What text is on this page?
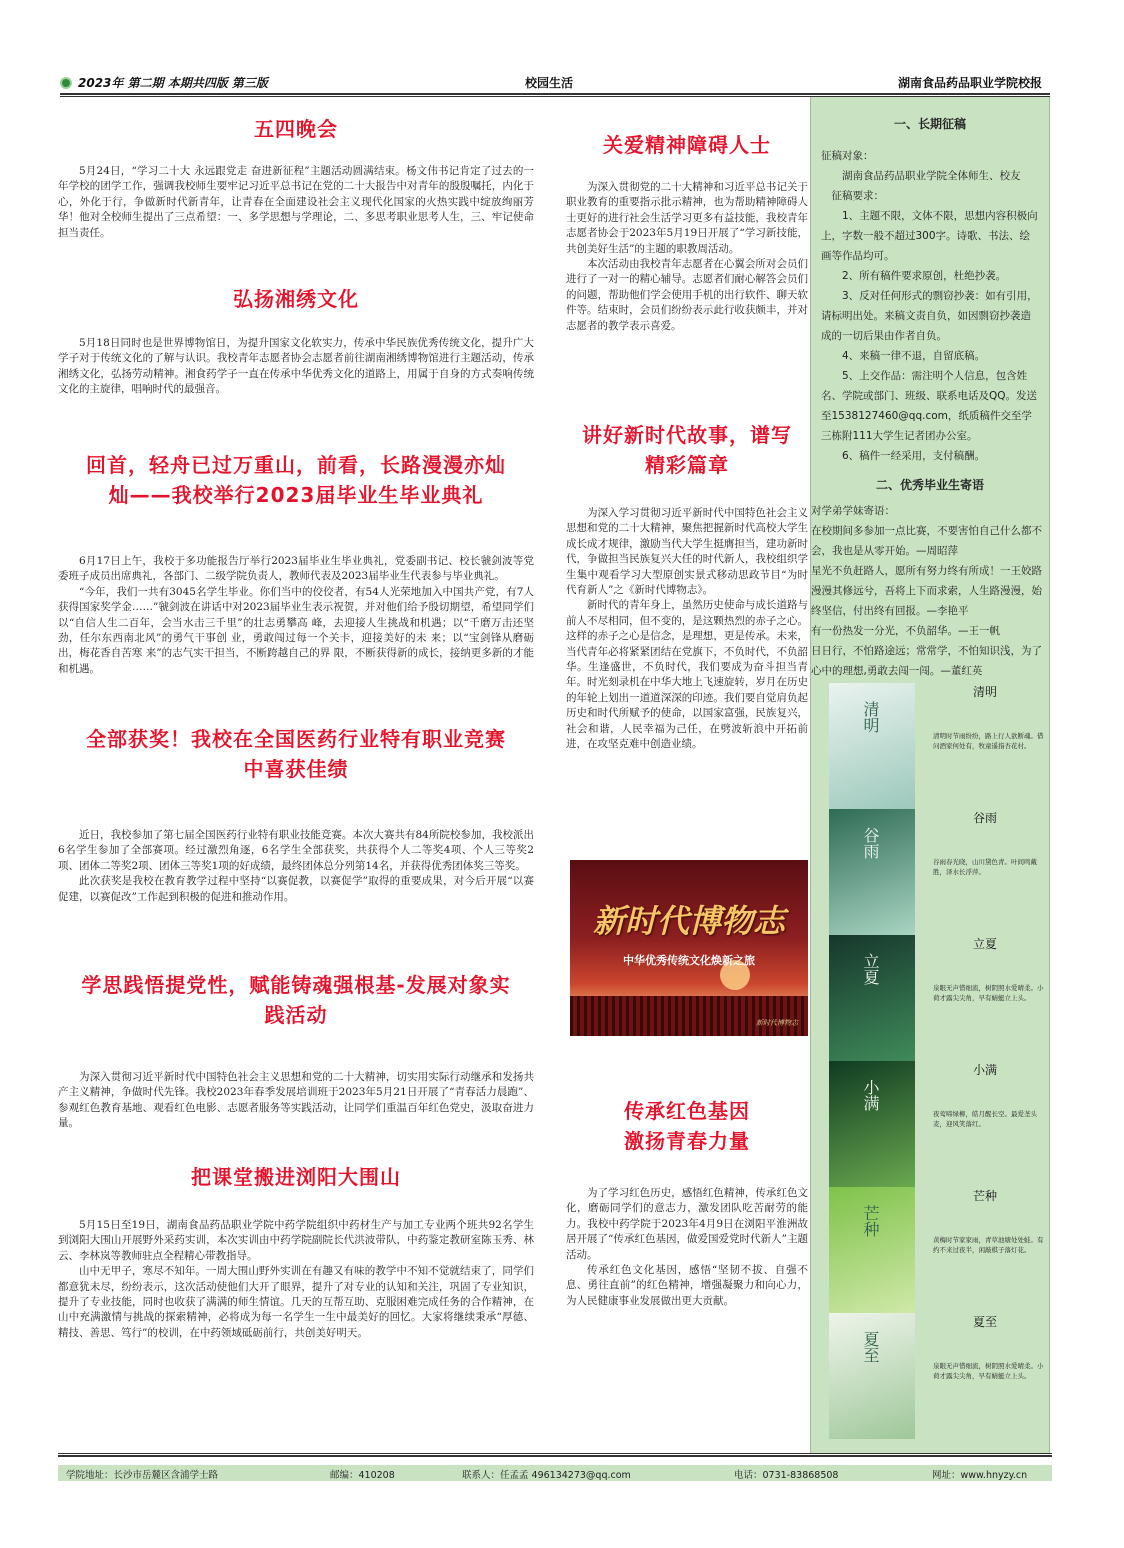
2023年 第二期 本期共四版 第三版	校园生活	湖南食品药品职业学院校报
五四晚会

5月24日，“学习二十大 永远跟党走 奋进新征程”主题活动圆满结束。杨文伟书记肯定了过去的一年学校的团学工作，强调我校师生要牢记习近平总书记在党的二十大报告中对青年的殷殷嘱托，内化于心，外化于行，争做新时代新青年，让青春在全面建设社会主义现代化国家的火热实践中绽放绚丽芳华！他对全校师生提出了三点希望：一、多学思想与学理论，二、多思考职业思考人生，三、牢记使命担当责任。

弘扬湘绣文化

5月18日同时也是世界博物馆日，为提升国家文化软实力，传承中华民族优秀传统文化，提升广大学子对于传统文化的了解与认识。我校青年志愿者协会志愿者前往湖南湘绣博物馆进行主题活动，传承湘绣文化，弘扬劳动精神。湘食药学子一直在传承中华优秀文化的道路上，用属于自身的方式奏响传统文化的主旋律，唱响时代的最强音。

回首，轻舟已过万重山，前看，长路漫漫亦灿
灿——我校举行2023届毕业生毕业典礼

6月17日上午，我校于多功能报告厅举行2023届毕业生毕业典礼，党委副书记、校长虢剑波等党委班子成员出席典礼，各部门、二级学院负责人，教师代表及2023届毕业生代表参与毕业典礼。

“今年，我们一共有3045名学生毕业。你们当中的佼佼者，有54人光荣地加入中国共产党，有7人获得国家奖学金……”虢剑波在讲话中对2023届毕业生表示祝贺，并对他们给予殷切期望，希望同学们以“自信人生二百年，会当水击三千里”的壮志勇攀高 峰，去迎接人生挑战和机遇；以“千磨万击还坚劲，任尔东西南北风”的勇气干事创 业，勇敢闯过每一个关卡，迎接美好的未 来；以“宝剑锋从磨砺出，梅花香自苦寒 来”的志气实干担当，不断跨越自己的界 限，不断获得新的成长，接纳更多新的才能和机遇。

全部获奖！我校在全国医药行业特有职业竞赛
中喜获佳绩

近日，我校参加了第七届全国医药行业特有职业技能竞赛。本次大赛共有84所院校参加，我校派出6名学生参加了全部赛项。经过激烈角逐，6名学生全部获奖，共获得个人二等奖4项、个人三等奖2项、团体二等奖2项、团体三等奖1项的好成绩，最终团体总分列第14名，并获得优秀团体奖三等奖。

此次获奖是我校在教育教学过程中坚持“以赛促教，以赛促学”取得的重要成果，对今后开展“以赛促建，以赛促改”工作起到积极的促进和推动作用。

学思践悟提党性，赋能铸魂强根基-发展对象实
践活动

为深入贯彻习近平新时代中国特色社会主义思想和党的二十大精神，切实用实际行动继承和发扬共产主义精神，争做时代先锋。我校2023年春季发展培训班于2023年5月21日开展了“青春活力晨跑”、参观红色教育基地、观看红色电影、志愿者服务等实践活动，让同学们重温百年红色党史，汲取奋进力量。

把课堂搬进浏阳大围山

5月15日至19日，湖南食品药品职业学院中药学院组织中药材生产与加工专业两个班共92名学生到浏阳大围山开展野外采药实训，本次实训由中药学院副院长代洪波带队，中药鉴定教研室陈玉秀、林云、李林岚等教师驻点全程精心带教指导。

山中无甲子，寒尽不知年。一周大围山野外实训在有趣又有味的教学中不知不觉就结束了，同学们都意犹未尽，纷纷表示，这次活动使他们大开了眼界，提升了对专业的认知和关注，巩固了专业知识，提升了专业技能，同时也收获了满满的师生情谊。几天的互帮互助、克服困难完成任务的合作精神，在山中充满激情与挑战的探索精神，必将成为每一名学生一生中最美好的回忆。大家将继续秉承“厚德、精技、善思、笃行”的校训，在中药领域砥砺前行，共创美好明天。

关爱精神障碍人士

为深入贯彻党的二十大精神和习近平总书记关于职业教育的重要指示批示精神，也为帮助精神障碍人士更好的进行社会生活学习更多有益技能，我校青年志愿者协会于2023年5月19日开展了“学习新技能，共创美好生活”的主题的职教周活动。

本次活动由我校青年志愿者在心翼会所对会员们进行了一对一的精心辅导。志愿者们耐心解答会员们的问题，帮助他们学会使用手机的出行软件、聊天软件等。结束时，会员们纷纷表示此行收获颇丰，并对志愿者的教学表示喜爱。

讲好新时代故事，谱写
精彩篇章

为深入学习贯彻习近平新时代中国特色社会主义思想和党的二十大精神，聚焦把握新时代高校大学生成长成才规律，激励当代大学生挺膺担当，建功新时代，争做担当民族复兴大任的时代新人，我校组织学生集中观看学习大型原创实景式移动思政节目“为时代育新人”之《新时代博物志》。

新时代的青年身上，虽然历史使命与成长道路与前人不尽相同，但不变的，是这颗热烈的赤子之心。这样的赤子之心是信念，是理想，更是传承。未来，当代青年必将紧紧团结在党旗下，不负时代，不负韶华。生逢盛世，不负时代，我们要成为奋斗担当青年。时光刻录机在中华大地上飞速旋转，岁月在历史的年轮上划出一道道深深的印迹。我们要自觉肩负起历史和时代所赋予的使命，以国家富强，民族复兴，社会和谐，人民幸福为己任，在劈波斩浪中开拓前进，在攻坚克难中创造业绩。

新时代博物志
中华优秀传统文化焕新之旅
新时代博物志
传承红色基因
激扬青春力量

为了学习红色历史，感悟红色精神，传承红色文化，磨砺同学们的意志力，激发团队吃苦耐劳的能力。我校中药学院于2023年4月9日在浏阳平淮洲故居开展了“传承红色基因，做爱国爱党时代新人”主题活动。

传承红色文化基因，感悟“坚韧不拔、自强不息、勇往直前”的红色精神，增强凝聚力和向心力，为人民健康事业发展做出更大贡献。

一、长期征稿
征稿对象：
　　湖南食品药品职业学院全体师生、校友
　征稿要求：
　　1、主题不限，文体不限，思想内容积极向上，字数一般不超过300字。诗歌、书法、绘画等作品均可。
　　2、所有稿件要求原创，杜绝抄袭。
　　3、反对任何形式的剽窃抄袭：如有引用，请标明出处。来稿文责自负，如因剽窃抄袭造成的一切后果由作者自负。
　　4、来稿一律不退，自留底稿。
　　5、上交作品：需注明个人信息，包含姓名、学院或部门、班级、联系电话及QQ。发送至1538127460@qq.com，纸质稿件交至学三栋附111大学生记者团办公室。
　　6、稿件一经采用，支付稿酬。
二、优秀毕业生寄语
对学弟学妹寄语：
在校期间多参加一点比赛，不要害怕自己什么都不会，我也是从零开始。—周昭萍
星光不负赶路人，愿所有努力终有所成！一王姣路漫漫其修远兮，吾将上下而求索，人生路漫漫，始终坚信，付出终有回报。—李艳平
有一份热发一分光，不负韶华。—王一帆
日日行，不怕路途远；常常学，不怕知识浅，为了心中的理想,勇敢去闯一闯。—董红英
清明
清明
清明时节雨纷纷，路上行人欲断魂。借问酒家何处有，牧童遥指杏花村。
谷雨
谷雨
谷雨春光晓，山川黛色青。叶间鸣戴胜，泽水长浮萍。
立夏
立夏
泉眼无声惜细流，树阴照水爱晴柔。小荷才露尖尖角，早有蜻蜓立上头。
小满
小满
夜莺啼绿柳，皓月醒长空。最爱垄头麦，迎风笑落红。
芒种
芒种
黄梅时节家家雨，青草池塘处处蛙。有约不来过夜半，闲敲棋子落灯花。
夏至
夏至
泉眼无声惜细流，树阴照水爱晴柔。小荷才露尖尖角，早有蜻蜓立上头。
学院地址：长沙市岳麓区含浦学士路	邮编：410208	联系人：任孟孟 496134273@qq.com	电话：0731-83868508	网址：www.hnyzy.cn
